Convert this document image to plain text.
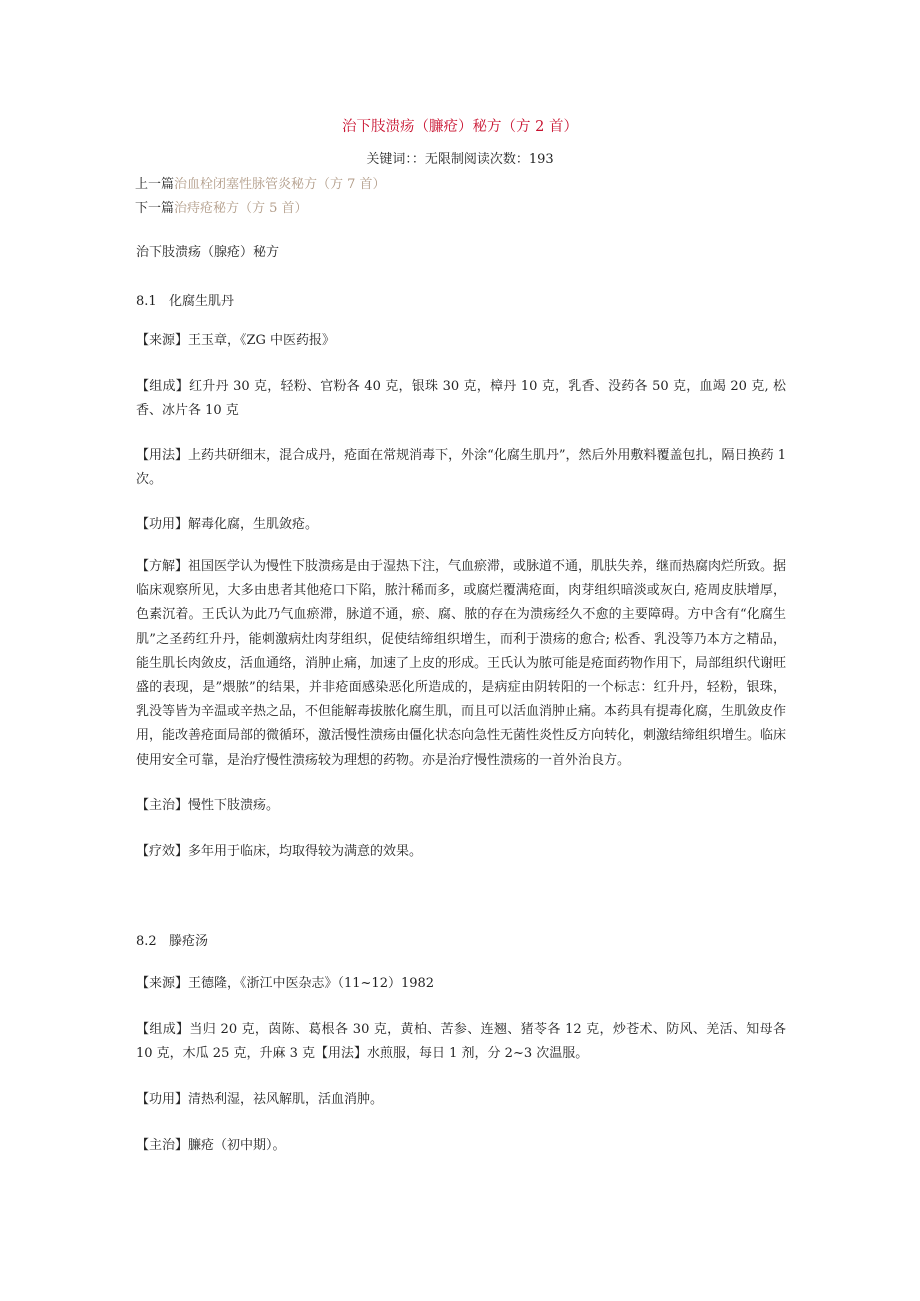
治下肢溃疡（臁疮）秘方（方 2 首）
关键词：：无限制阅读次数：193
上一篇治血栓闭塞性脉管炎秘方（方 7 首）
下一篇治痔疮秘方（方 5 首）
治下肢溃疡（腺疮）秘方
8.1 化腐生肌丹
【来源】王玉章，《ZG 中医药报》
【组成】红升丹 30 克，轻粉、官粉各 40 克，银珠 30 克，樟丹 10 克，乳香、没药各 50 克，血竭 20 克, 松香、冰片各 10 克
【用法】上药共研细末，混合成丹，疮面在常规消毒下，外涂“化腐生肌丹”，然后外用敷料覆盖包扎，隔日换药 1 次。
【功用】解毒化腐，生肌敛疮。
【方解】祖国医学认为慢性下肢溃疡是由于湿热下注，气血瘀滞，或脉道不通，肌肤失养，继而热腐肉烂所致。据临床观察所见，大多由患者其他疮口下陷，脓汁稀而多，或腐烂覆满疮面，肉芽组织暗淡或灰白, 疮周皮肤增厚，色素沉着。王氏认为此乃气血瘀滞，脉道不通，瘀、腐、脓的存在为溃疡经久不愈的主要障碍。方中含有“化腐生肌”之圣药红升丹，能刺激病灶肉芽组织，促使结缔组织增生，而利于溃疡的愈合; 松香、乳没等乃本方之精品，能生肌长肉敛皮，活血通络，消肿止痛，加速了上皮的形成。王氏认为脓可能是疮面药物作用下，局部组织代谢旺盛的表现，是”煨脓”的结果，并非疮面感染恶化所造成的，是病症由阴转阳的一个标志：红升丹，轻粉，银珠，乳没等皆为辛温或辛热之品，不但能解毒拔脓化腐生肌，而且可以活血消肿止痛。本药具有提毒化腐，生肌敛皮作用，能改善疮面局部的微循环，激活慢性溃疡由僵化状态向急性无菌性炎性反方向转化，刺激结缔组织增生。临床使用安全可靠，是治疗慢性溃疡较为理想的药物。亦是治疗慢性溃疡的一首外治良方。
【主治】慢性下肢溃疡。
【疗效】多年用于临床，均取得较为满意的效果。
8.2 滕疮汤
【来源】王德隆，《浙江中医杂志》（11~12）1982
【组成】当归 20 克，茵陈、葛根各 30 克，黄柏、苦参、连翘、猪苓各 12 克，炒苍术、防风、羌活、知母各 10 克，木瓜 25 克，升麻 3 克【用法】水煎服，每日 1 剂，分 2~3 次温服。
【功用】清热利湿，祛风解肌，活血消肿。
【主治】臁疮（初中期）。
